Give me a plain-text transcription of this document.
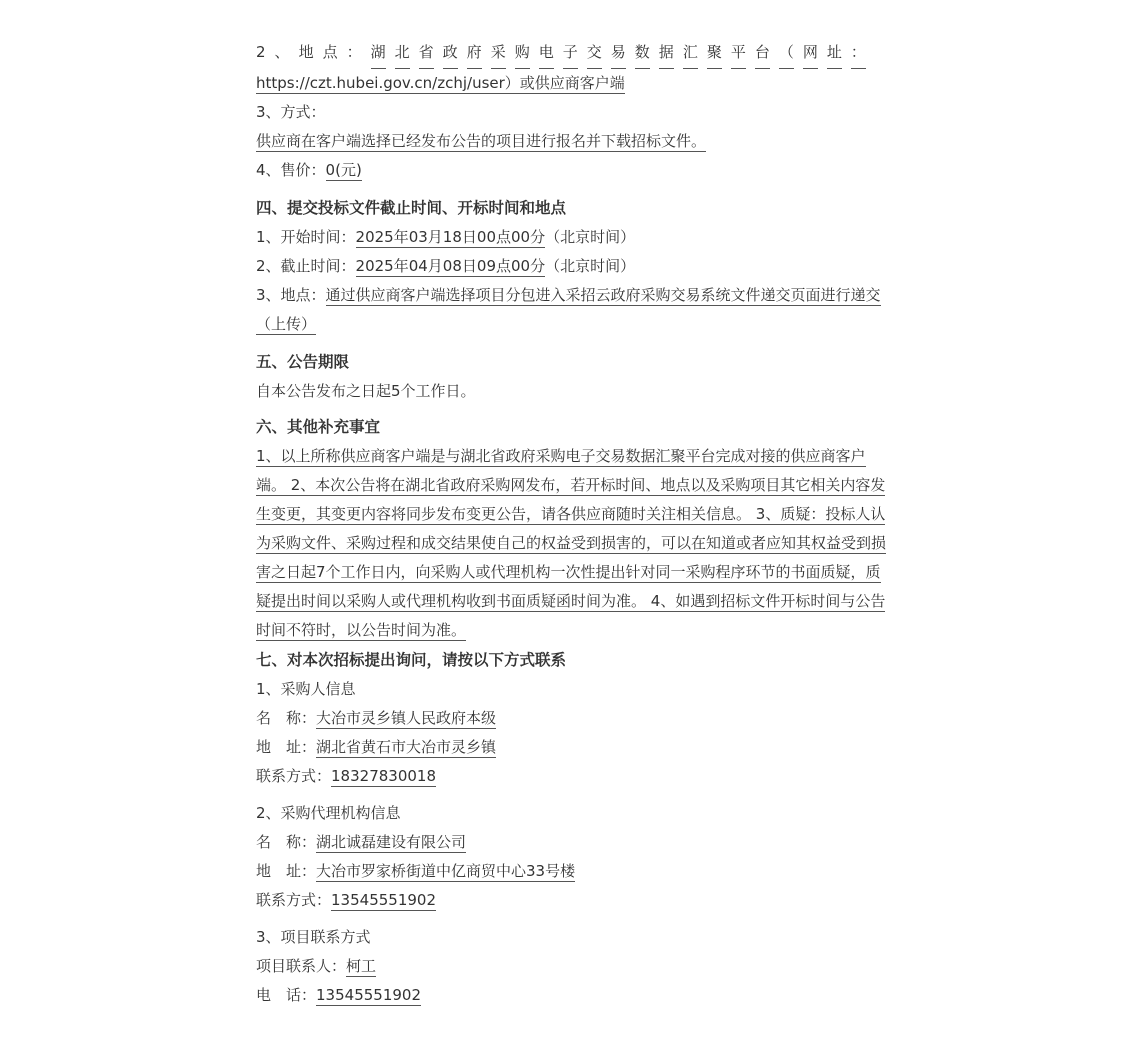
2 、 地 点 ： 湖 北 省 政 府 采 购 电 子 交 易 数 据 汇 聚 平 台 （ 网 址 ：

https://czt.hubei.gov.cn/zchj/user）或供应商客户端

3、方式：

供应商在客户端选择已经发布公告的项目进行报名并下载招标文件。

4、售价：0(元)

四、提交投标文件截止时间、开标时间和地点

1、开始时间：2025年03月18日00点00分（北京时间）

2、截止时间：2025年04月08日09点00分（北京时间）

3、地点：通过供应商客户端选择项目分包进入采招云政府采购交易系统文件递交页面进行递交

（上传）

五、公告期限

自本公告发布之日起5个工作日。

六、其他补充事宜

1、以上所称供应商客户端是与湖北省政府采购电子交易数据汇聚平台完成对接的供应商客户

端。 2、本次公告将在湖北省政府采购网发布，若开标时间、地点以及采购项目其它相关内容发

生变更，其变更内容将同步发布变更公告，请各供应商随时关注相关信息。 3、质疑：投标人认

为采购文件、采购过程和成交结果使自己的权益受到损害的，可以在知道或者应知其权益受到损

害之日起7个工作日内，向采购人或代理机构一次性提出针对同一采购程序环节的书面质疑，质

疑提出时间以采购人或代理机构收到书面质疑函时间为准。 4、如遇到招标文件开标时间与公告

时间不符时，以公告时间为准。

七、对本次招标提出询问，请按以下方式联系

1、采购人信息

名　称：大冶市灵乡镇人民政府本级

地　址：湖北省黄石市大冶市灵乡镇

联系方式：18327830018

2、采购代理机构信息

名　称：湖北诚磊建设有限公司

地　址：大冶市罗家桥街道中亿商贸中心33号楼

联系方式：13545551902

3、项目联系方式

项目联系人：柯工

电　话：13545551902
